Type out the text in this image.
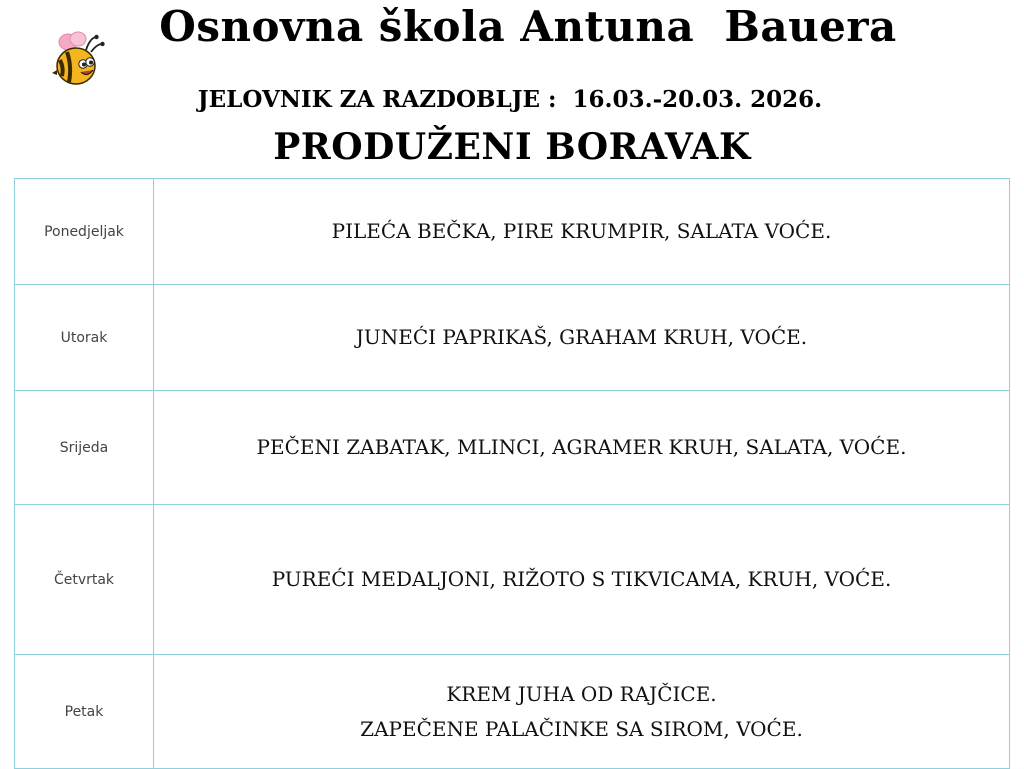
Osnovna škola Antuna  Bauera
JELOVNIK ZA RAZDOBLJE :  16.03.-20.03. 2026.
PRODUŽENI BORAVAK
Ponedjeljak	PILEĆA BEČKA, PIRE KRUMPIR, SALATA VOĆE.

Utorak	JUNEĆI PAPRIKAŠ, GRAHAM KRUH, VOĆE.

Srijeda	PEČENI ZABATAK, MLINCI, AGRAMER KRUH, SALATA, VOĆE.

Četvrtak	PUREĆI MEDALJONI, RIŽOTO S TIKVICAMA, KRUH, VOĆE.

Petak	KREM JUHA OD RAJČICE.
ZAPEČENE PALAČINKE SA SIROM, VOĆE.
